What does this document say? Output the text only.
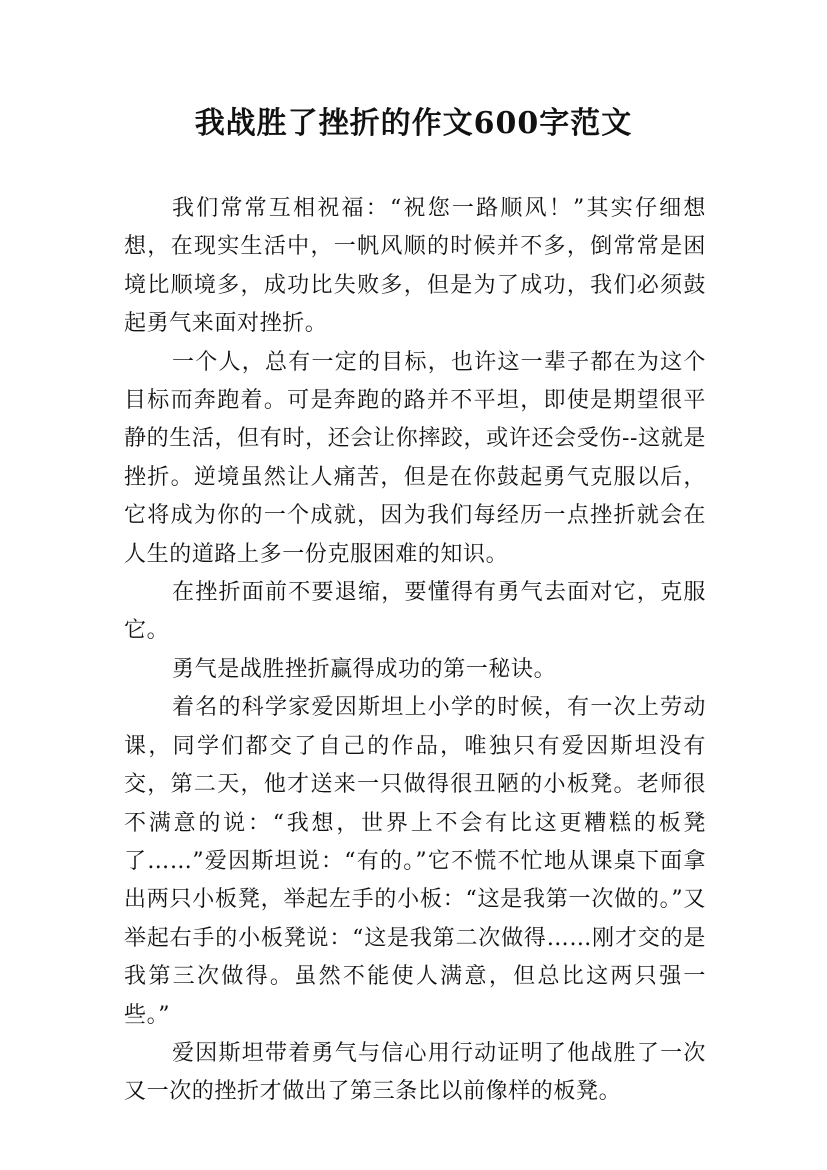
我战胜了挫折的作文600字范文

我们常常互相祝福：“祝您一路顺风！”其实仔细想想，在现实生活中，一帆风顺的时候并不多，倒常常是困境比顺境多，成功比失败多，但是为了成功，我们必须鼓起勇气来面对挫折。

一个人，总有一定的目标，也许这一辈子都在为这个目标而奔跑着。可是奔跑的路并不平坦，即使是期望很平静的生活，但有时，还会让你摔跤，或许还会受伤--这就是挫折。逆境虽然让人痛苦，但是在你鼓起勇气克服以后，它将成为你的一个成就，因为我们每经历一点挫折就会在人生的道路上多一份克服困难的知识。

在挫折面前不要退缩，要懂得有勇气去面对它，克服它。

勇气是战胜挫折赢得成功的第一秘诀。

着名的科学家爱因斯坦上小学的时候，有一次上劳动课，同学们都交了自己的作品，唯独只有爱因斯坦没有交，第二天，他才送来一只做得很丑陋的小板凳。老师很不满意的说：“我想，世界上不会有比这更糟糕的板凳了……”爱因斯坦说：“有的。”它不慌不忙地从课桌下面拿出两只小板凳，举起左手的小板：“这是我第一次做的。”又举起右手的小板凳说：“这是我第二次做得……刚才交的是我第三次做得。虽然不能使人满意，但总比这两只强一些。”

爱因斯坦带着勇气与信心用行动证明了他战胜了一次又一次的挫折才做出了第三条比以前像样的板凳。
